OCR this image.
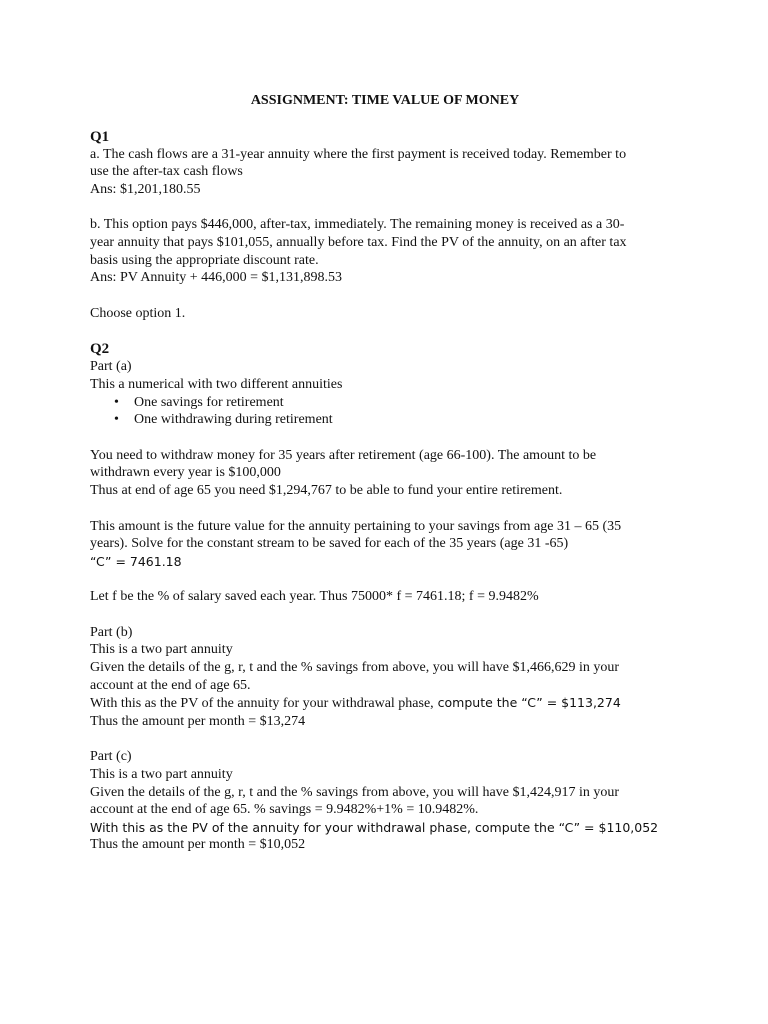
ASSIGNMENT: TIME VALUE OF MONEY
Q1

a. The cash flows are a 31-year annuity where the first payment is received today. Remember to

use the after-tax cash flows

Ans: $1,201,180.55

b. This option pays $446,000, after-tax, immediately. The remaining money is received as a 30-

year annuity that pays $101,055, annually before tax. Find the PV of the annuity, on an after tax

basis using the appropriate discount rate.

Ans: PV Annuity + 446,000 = $1,131,898.53

Choose option 1.

Q2

Part (a)

This a numerical with two different annuities

• One savings for retirement
• One withdrawing during retirement

You need to withdraw money for 35 years after retirement (age 66-100). The amount to be

withdrawn every year is $100,000

Thus at end of age 65 you need $1,294,767 to be able to fund your entire retirement.

This amount is the future value for the annuity pertaining to your savings from age 31 – 65 (35

years). Solve for the constant stream to be saved for each of the 35 years (age 31 -65)

“C” = 7461.18

Let f be the % of salary saved each year. Thus 75000* f = 7461.18; f = 9.9482%

Part (b)

This is a two part annuity

Given the details of the g, r, t and the % savings from above, you will have $1,466,629 in your

account at the end of age 65.

With this as the PV of the annuity for your withdrawal phase, compute the “C” = $113,274

Thus the amount per month = $13,274

Part (c)

This is a two part annuity

Given the details of the g, r, t and the % savings from above, you will have $1,424,917 in your

account at the end of age 65. % savings = 9.9482%+1% = 10.9482%.

With this as the PV of the annuity for your withdrawal phase, compute the “C” = $110,052

Thus the amount per month = $10,052
